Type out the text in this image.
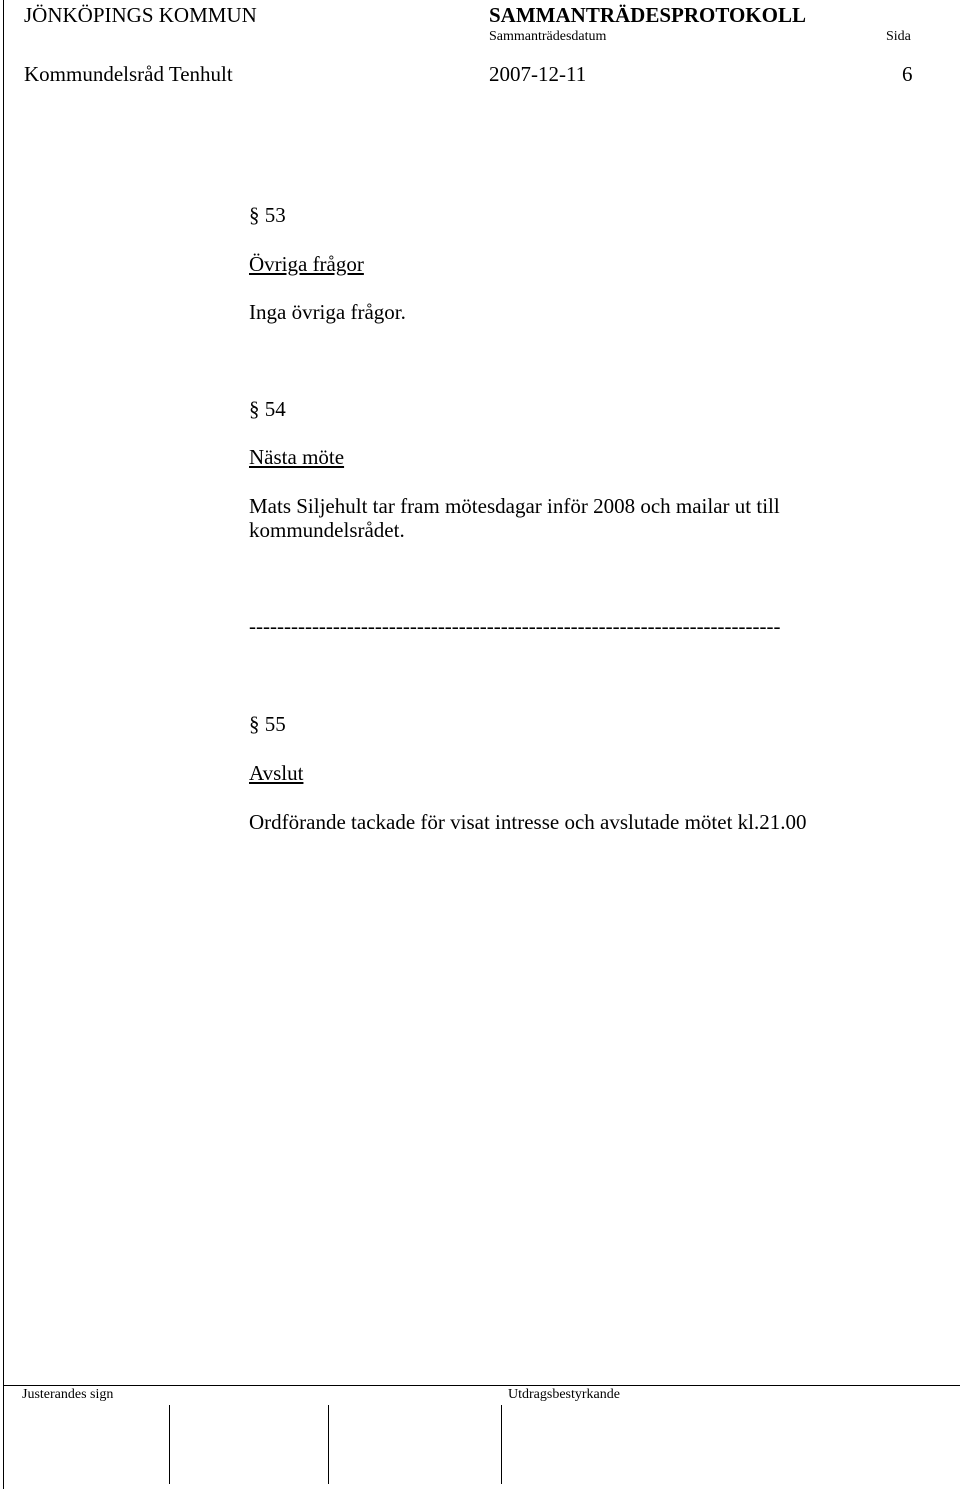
JÖNKÖPINGS KOMMUN	SAMMANTRÄDESPROTOKOLL
Sammanträdesdatum	Sida
Kommundelsråd Tenhult	2007-12-11	6
§ 53
Övriga frågor
Inga övriga frågor.
§ 54
Nästa möte
Mats Siljehult tar fram mötesdagar inför 2008 och mailar ut till kommundelsrådet.
----------------------------------------------------------------------------
§ 55
Avslut
Ordförande tackade för visat intresse och avslutade mötet kl.21.00
Justerandes sign	Utdragsbestyrkande
